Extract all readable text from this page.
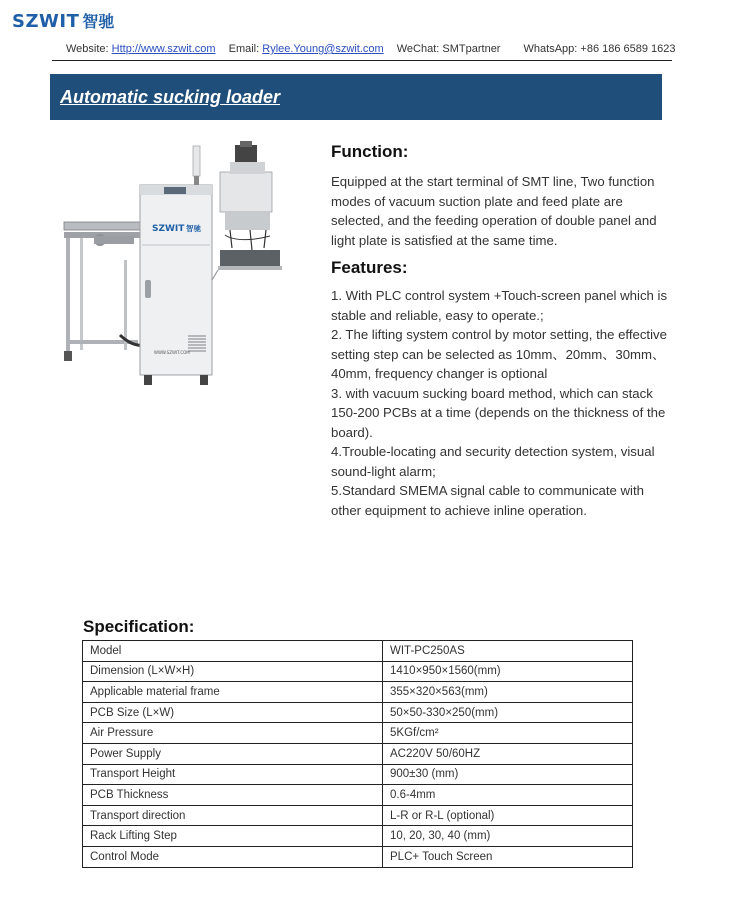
SZWIT 智驰
Website: Http://www.szwit.com Email: Rylee.Young@szwit.com WeChat: SMTpartner WhatsApp: +86 186 6589 1623
Automatic sucking loader
SZWIT 智驰
WWW.SZWIT.COM
Function:

Equipped at the start terminal of SMT line, Two function modes of vacuum suction plate and feed plate are selected, and the feeding operation of double panel and light plate is satisfied at the same time.

Features:

1. With PLC control system +Touch-screen panel which is stable and reliable, easy to operate.;

2. The lifting system control by motor setting, the effective setting step can be selected as 10mm、20mm、30mm、40mm, frequency changer is optional

3. with vacuum sucking board method, which can stack 150-200 PCBs at a time (depends on the thickness of the board).

4.Trouble-locating and security detection system, visual sound-light alarm;

5.Standard SMEMA signal cable to communicate with other equipment to achieve inline operation.

Specification:
Model	WIT-PC250AS
Dimension (L×W×H)	1410×950×1560(mm)
Applicable material frame	355×320×563(mm)
PCB Size (L×W)	50×50-330×250(mm)
Air Pressure	5KGf/cm²
Power Supply	AC220V 50/60HZ
Transport Height	900±30 (mm)
PCB Thickness	0.6-4mm
Transport direction	L-R or R-L (optional)
Rack Lifting Step	10, 20, 30, 40 (mm)
Control Mode	PLC+ Touch Screen
